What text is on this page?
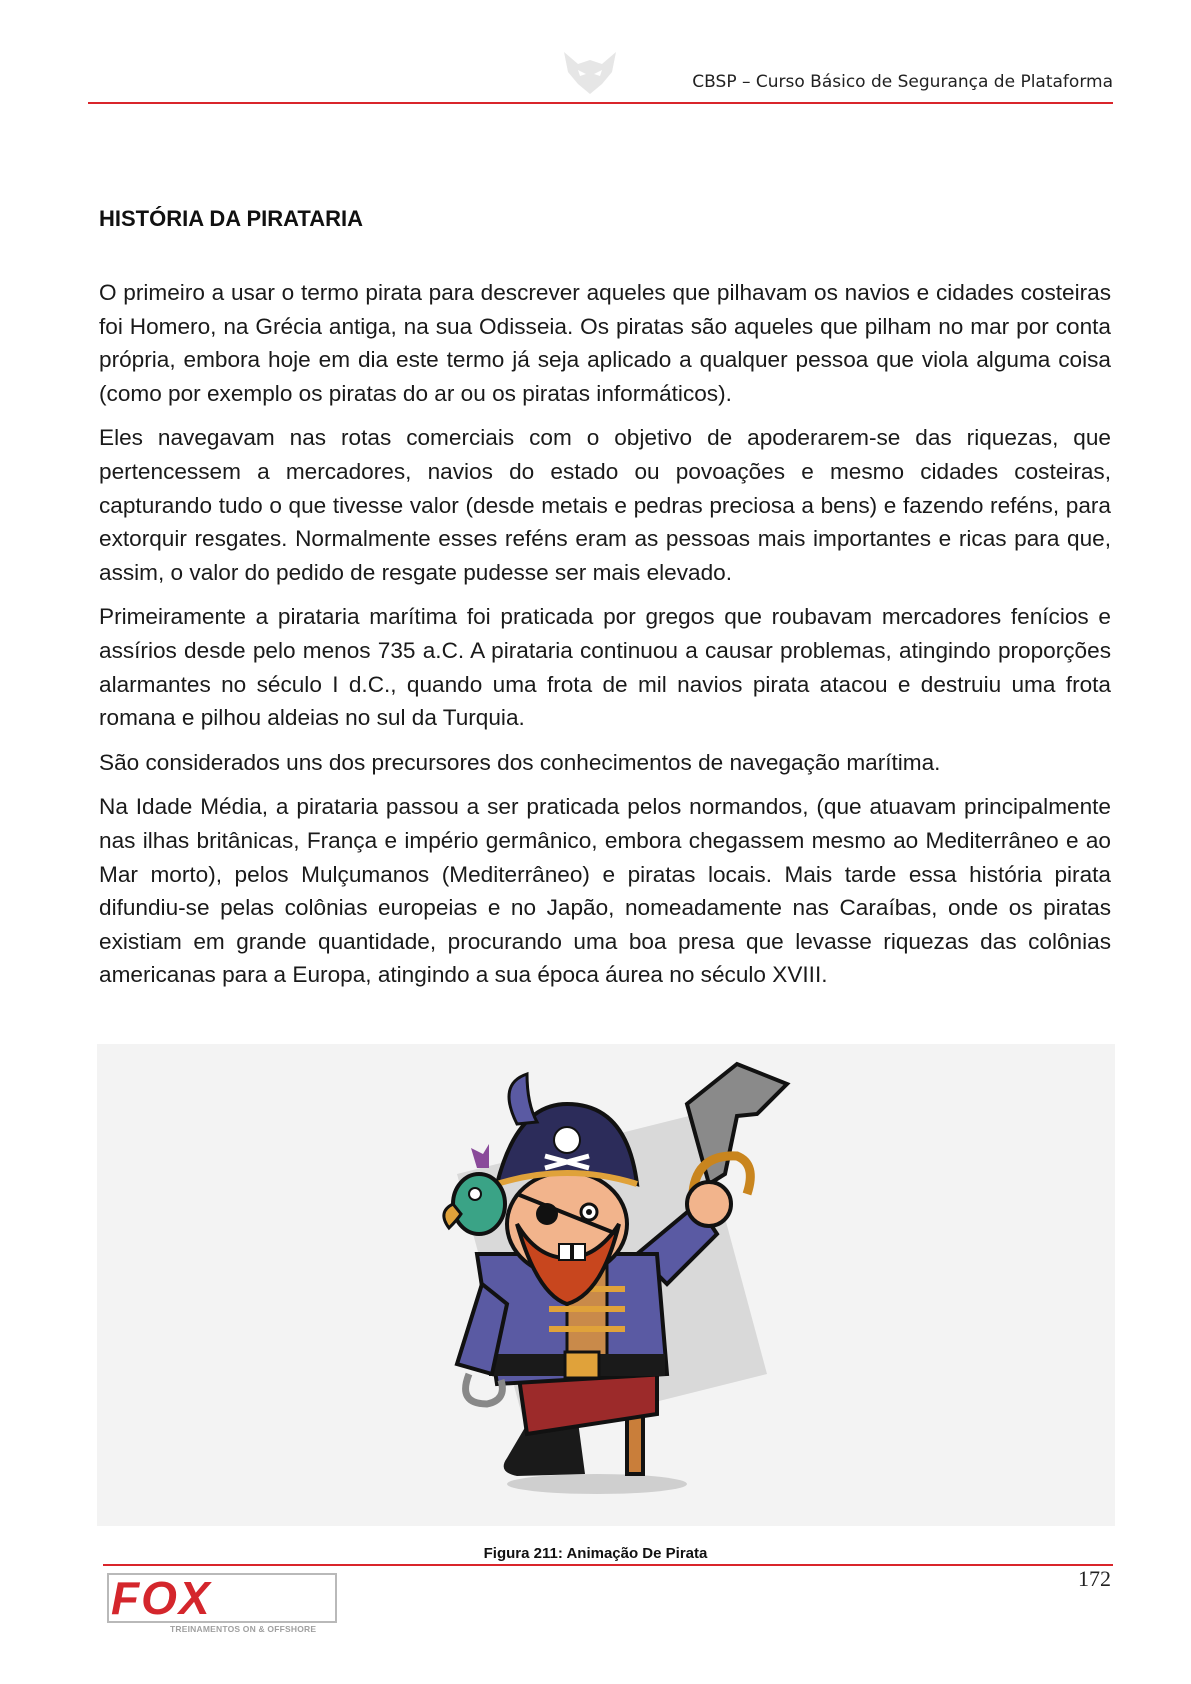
CBSP – Curso Básico de Segurança de Plataforma
HISTÓRIA DA PIRATARIA

O primeiro a usar o termo pirata para descrever aqueles que pilhavam os navios e cidades costeiras foi Homero, na Grécia antiga, na sua Odisseia. Os piratas são aqueles que pilham no mar por conta própria, embora hoje em dia este termo já seja aplicado a qualquer pessoa que viola alguma coisa (como por exemplo os piratas do ar ou os piratas informáticos).

Eles navegavam nas rotas comerciais com o objetivo de apoderarem-se das riquezas, que pertencessem a mercadores, navios do estado ou povoações e mesmo cidades costeiras, capturando tudo o que tivesse valor (desde metais e pedras preciosa a bens) e fazendo reféns, para extorquir resgates. Normalmente esses reféns eram as pessoas mais importantes e ricas para que, assim, o valor do pedido de resgate pudesse ser mais elevado.

Primeiramente a pirataria marítima foi praticada por gregos que roubavam mercadores fenícios e assírios desde pelo menos 735 a.C. A pirataria continuou a causar problemas, atingindo proporções alarmantes no século I d.C., quando uma frota de mil navios pirata atacou e destruiu uma frota romana e pilhou aldeias no sul da Turquia.

São considerados uns dos precursores dos conhecimentos de navegação marítima.

Na Idade Média, a pirataria passou a ser praticada pelos normandos, (que atuavam principalmente nas ilhas britânicas, França e império germânico, embora chegassem mesmo ao Mediterrâneo e ao Mar morto), pelos Mulçumanos (Mediterrâneo) e piratas locais. Mais tarde essa história pirata difundiu-se pelas colônias europeias e no Japão, nomeadamente nas Caraíbas, onde os piratas existiam em grande quantidade, procurando uma boa presa que levasse riquezas das colônias americanas para a Europa, atingindo a sua época áurea no século XVIII.

Figura 211: Animação De Pirata
172
FOX
TREINAMENTOS ON & OFFSHORE
